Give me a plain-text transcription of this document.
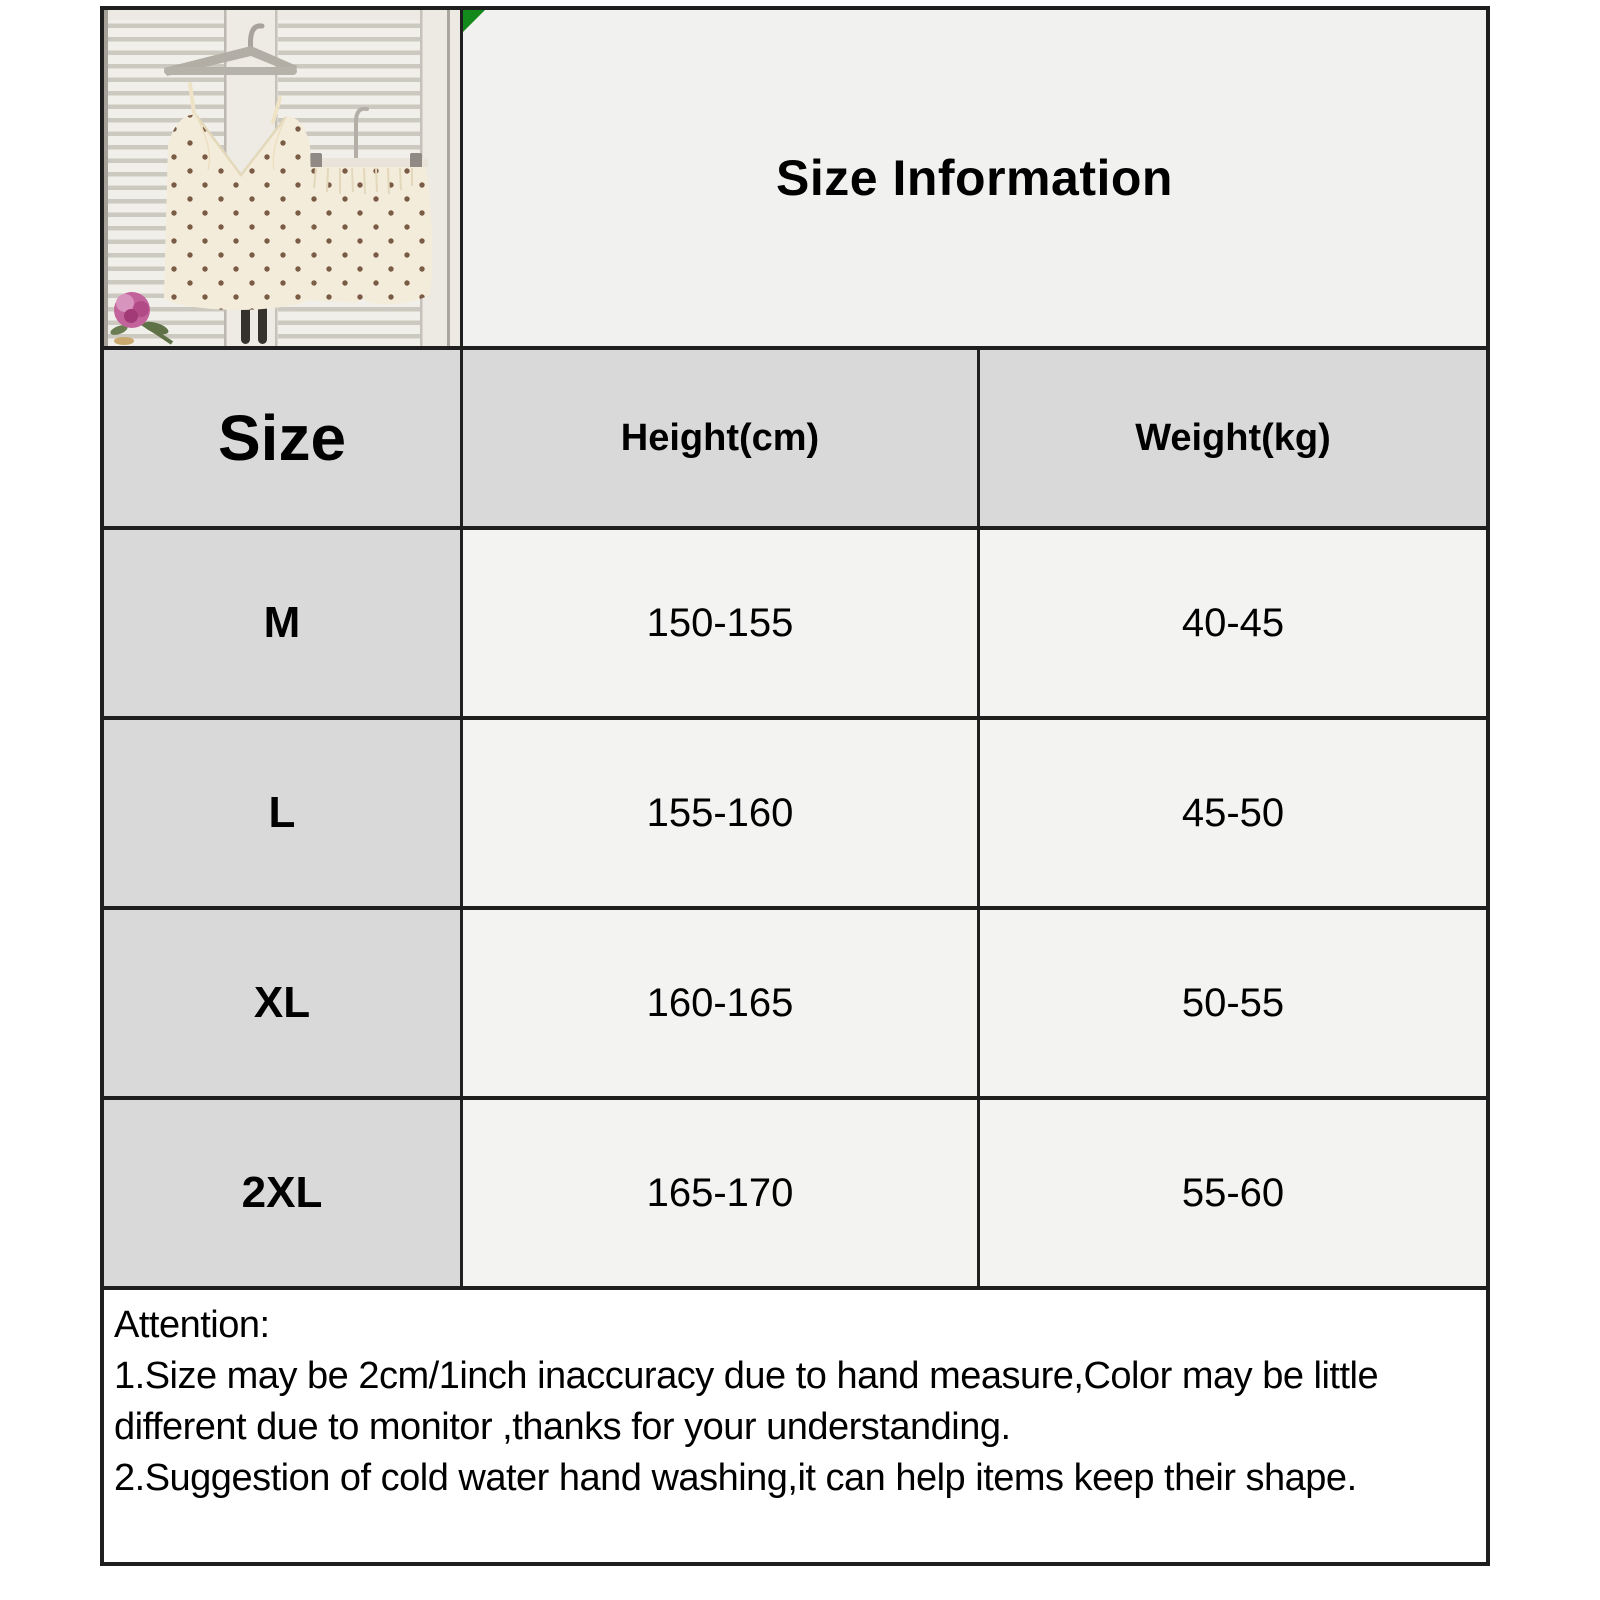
Size Information
Size	Height(cm)	Weight(kg)
M	150-155	40-45
L	155-160	45-50
XL	160-165	50-55
2XL	165-170	55-60
Attention:
1.Size may be 2cm/1inch inaccuracy due to hand measure,Color may be little
different due to monitor ,thanks for your understanding.
2.Suggestion of cold water hand washing,it can help items keep their shape.
